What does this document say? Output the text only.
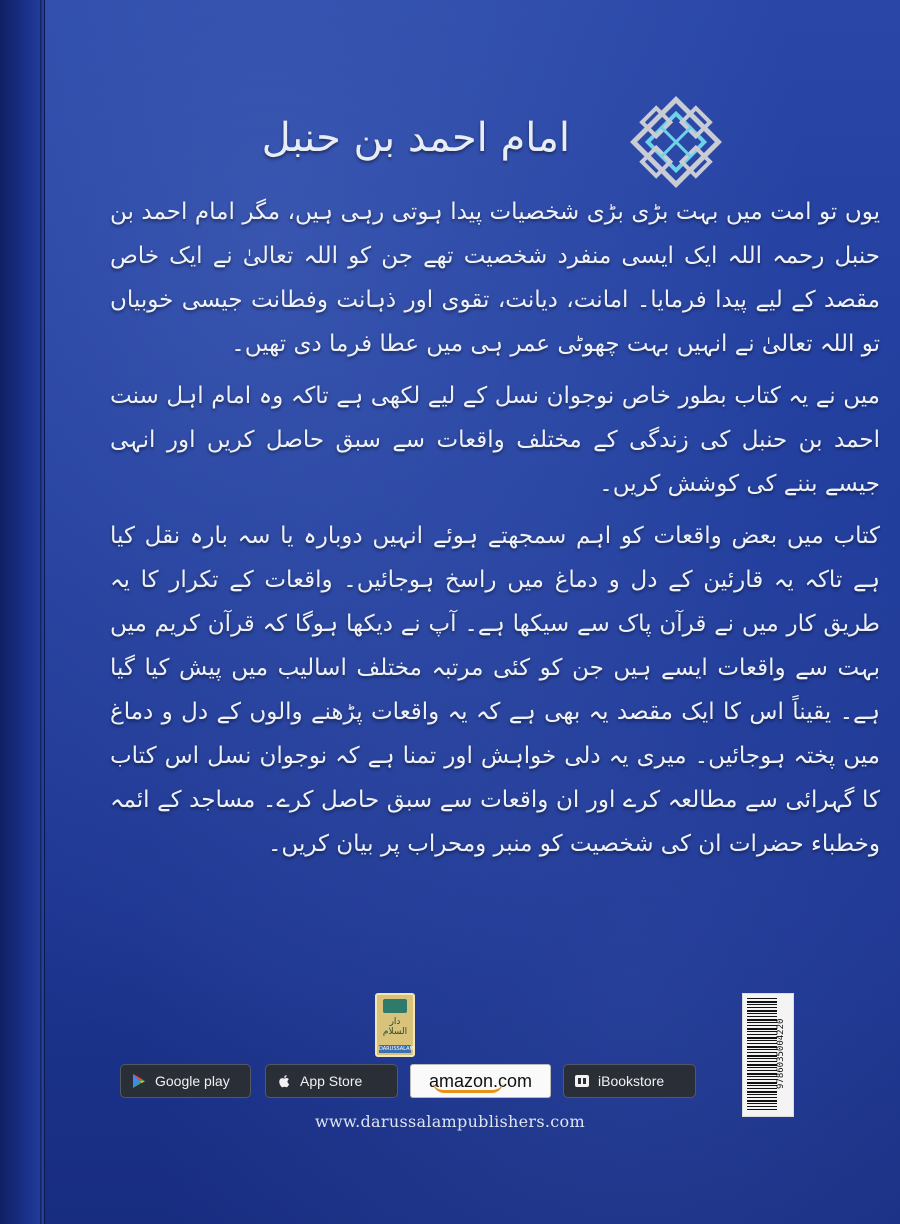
امام احمد بن حنبل

یوں تو امت میں بہت بڑی بڑی شخصیات پیدا ہوتی رہی ہیں، مگر امام احمد بن حنبل رحمہ اللہ ایک ایسی منفرد شخصیت تھے جن کو اللہ تعالیٰ نے ایک خاص مقصد کے لیے پیدا فرمایا۔ امانت، دیانت، تقوی اور ذہانت وفطانت جیسی خوبیاں تو اللہ تعالیٰ نے انہیں بہت چھوٹی عمر ہی میں عطا فرما دی تھیں۔

میں نے یہ کتاب بطور خاص نوجوان نسل کے لیے لکھی ہے تاکہ وہ امام اہل سنت احمد بن حنبل کی زندگی کے مختلف واقعات سے سبق حاصل کریں اور انہی جیسے بننے کی کوشش کریں۔

کتاب میں بعض واقعات کو اہم سمجھتے ہوئے انہیں دوبارہ یا سہ بارہ نقل کیا ہے تاکہ یہ قارئین کے دل و دماغ میں راسخ ہوجائیں۔ واقعات کے تکرار کا یہ طریق کار میں نے قرآن پاک سے سیکھا ہے۔ آپ نے دیکھا ہوگا کہ قرآن کریم میں بہت سے واقعات ایسے ہیں جن کو کئی مرتبہ مختلف اسالیب میں پیش کیا گیا ہے۔ یقیناً اس کا ایک مقصد یہ بھی ہے کہ یہ واقعات پڑھنے والوں کے دل و دماغ میں پختہ ہوجائیں۔ میری یہ دلی خواہش اور تمنا ہے کہ نوجوان نسل اس کتاب کا گہرائی سے مطالعہ کرے اور ان واقعات سے سبق حاصل کرے۔ مساجد کے ائمہ وخطباء حضرات ان کی شخصیت کو منبر ومحراب پر بیان کریں۔

دار السلام
DARUSSALAM	9786035004220
Google play	App Store	amazon.com	iBookstore
www.darussalampublishers.com
